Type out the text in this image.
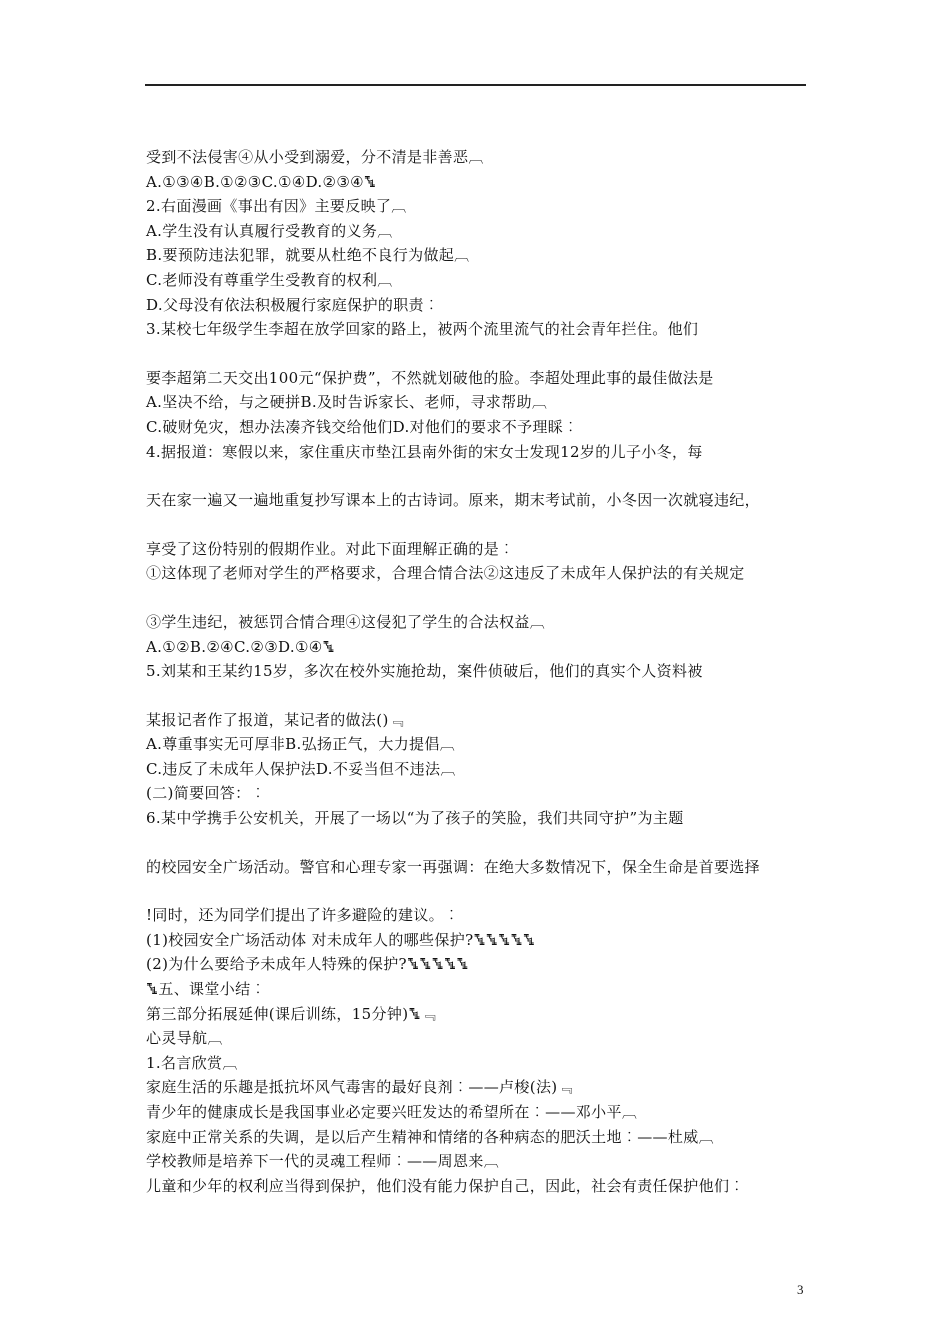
受到不法侵害④从小受到溺爱，分不清是非善恶︹
A.①③④B.①②③C.①④D.②③④ꔄ
2.右面漫画《事出有因》主要反映了︹
A.学生没有认真履行受教育的义务︹
B.要预防违法犯罪，就要从杜绝不良行为做起︹
C.老师没有尊重学生受教育的权利︹
D.父母没有依法积极履行家庭保护的职责︰
3.某校七年级学生李超在放学回家的路上，被两个流里流气的社会青年拦住。他们
要李超第二天交出100元“保护费”，不然就划破他的脸。李超处理此事的最佳做法是
A.坚决不给，与之硬拼B.及时告诉家长、老师，寻求帮助︹
C.破财免灾，想办法凑齐钱交给他们D.对他们的要求不予理睬︰
4.据报道：寒假以来，家住重庆市垫江县南外街的宋女士发现12岁的儿子小冬，每
天在家一遍又一遍地重复抄写课本上的古诗词。原来，期末考试前，小冬因一次就寝违纪，
享受了这份特别的假期作业。对此下面理解正确的是︰
①这体现了老师对学生的严格要求，合理合情合法②这违反了未成年人保护法的有关规定
③学生违纪，被惩罚合情合理④这侵犯了学生的合法权益︹
A.①②B.②④C.②③D.①④ꔄ
5.刘某和王某约15岁，多次在校外实施抢劫，案件侦破后，他们的真实个人资料被
某报记者作了报道，某记者的做法()﹃
A.尊重事实无可厚非B.弘扬正气，大力提倡︹
C.违反了未成年人保护法D.不妥当但不违法︹
(二)简要回答：︰
6.某中学携手公安机关，开展了一场以“为了孩子的笑脸，我们共同守护”为主题
的校园安全广场活动。警官和心理专家一再强调：在绝大多数情况下，保全生命是首要选择
!同时，还为同学们提出了许多避险的建议。︰
(1)校园安全广场活动体 对未成年人的哪些保护?ꔄꔄꔄꔄꔄ
(2)为什么要给予未成年人特殊的保护?ꔄꔄꔄꔄꔄ
ꔄ五、课堂小结︰
第三部分拓展延伸(课后训练，15分钟)ꔄ﹃
心灵导航︹
1.名言欣赏︹
家庭生活的乐趣是抵抗坏风气毒害的最好良剂︰——卢梭(法)﹃
青少年的健康成长是我国事业必定要兴旺发达的希望所在︰——邓小平︹
家庭中正常关系的失调，是以后产生精神和情绪的各种病态的肥沃土地︰——杜威︹
学校教师是培养下一代的灵魂工程师︰——周恩来︹
儿童和少年的权利应当得到保护，他们没有能力保护自己，因此，社会有责任保护他们︰
3
